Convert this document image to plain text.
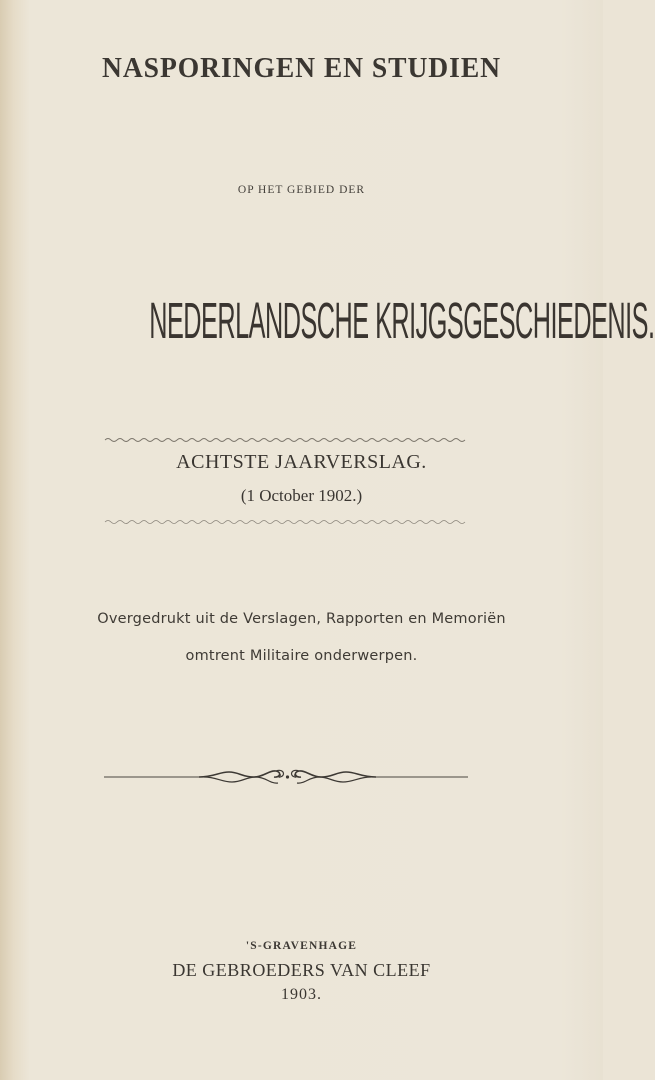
NASPORINGEN EN STUDIEN
OP HET GEBIED DER
NEDERLANDSCHE KRIJGSGESCHIEDENIS.
ACHTSTE JAARVERSLAG.
(1 October 1902.)
Overgedrukt uit de Verslagen, Rapporten en Memoriën
omtrent Militaire onderwerpen.
'S-GRAVENHAGE
DE GEBROEDERS VAN CLEEF
1903.
